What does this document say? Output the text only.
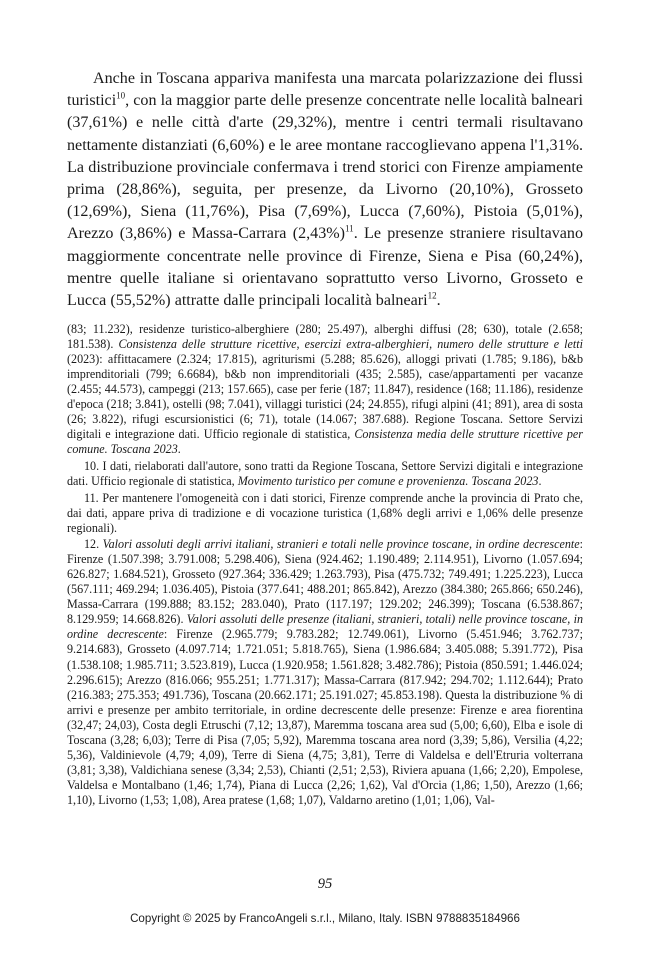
Anche in Toscana appariva manifesta una marcata polarizzazione dei flussi turistici$^{10}$, con la maggior parte delle presenze concentrate nelle località balneari (37,61%) e nelle città d'arte (29,32%), mentre i centri termali risultavano nettamente distanziati (6,60%) e le aree montane raccoglievano appena l'1,31%. La distribuzione provinciale confermava i trend storici con Firenze ampiamente prima (28,86%), seguita, per presenze, da Livorno (20,10%), Grosseto (12,69%), Siena (11,76%), Pisa (7,69%), Lucca (7,60%), Pistoia (5,01%), Arezzo (3,86%) e Massa-Carrara $(2,43\%)^{11}$. Le presenze straniere risultavano maggiormente concentrate nelle province di Firenze, Siena e Pisa (60,24%), mentre quelle italiane si orientavano soprattutto verso Livorno, Grosseto e Lucca (55,52%) attratte dalle principali località balneari$^{12}$.

(83; 11.232), residenze turistico-alberghiere (280; 25.497), alberghi diffusi (28; 630), totale (2.658; 181.538). Consistenza delle strutture ricettive, esercizi extra-alberghieri, numero delle strutture e letti (2023): affittacamere (2.324; 17.815), agriturismi (5.288; 85.626), alloggi privati (1.785; 9.186), b&b imprenditoriali (799; 6.6684), b&b non imprenditoriali (435; 2.585), case/appartamenti per vacanze (2.455; 44.573), campeggi (213; 157.665), case per ferie (187; 11.847), residence (168; 11.186), residenze d'epoca (218; 3.841), ostelli (98; 7.041), villaggi turistici (24; 24.855), rifugi alpini (41; 891), area di sosta (26; 3.822), rifugi escursionistici (6; 71), totale (14.067; 387.688). Regione Toscana. Settore Servizi digitali e integrazione dati. Ufficio regionale di statistica, Consistenza media delle strutture ricettive per comune. Toscana 2023.

10. I dati, rielaborati dall'autore, sono tratti da Regione Toscana, Settore Servizi digitali e integrazione dati. Ufficio regionale di statistica, Movimento turistico per comune e provenienza. Toscana 2023.

11. Per mantenere l'omogeneità con i dati storici, Firenze comprende anche la provincia di Prato che, dai dati, appare priva di tradizione e di vocazione turistica (1,68% degli arrivi e 1,06% delle presenze regionali).

12. Valori assoluti degli arrivi italiani, stranieri e totali nelle province toscane, in ordine decrescente: Firenze (1.507.398; 3.791.008; 5.298.406), Siena (924.462; 1.190.489; 2.114.951), Livorno (1.057.694; 626.827; 1.684.521), Grosseto (927.364; 336.429; 1.263.793), Pisa (475.732; 749.491; 1.225.223), Lucca (567.111; 469.294; 1.036.405), Pistoia (377.641; 488.201; 865.842), Arezzo (384.380; 265.866; 650.246), Massa-Carrara (199.888; 83.152; 283.040), Prato (117.197; 129.202; 246.399); Toscana (6.538.867; 8.129.959; 14.668.826). Valori assoluti delle presenze (italiani, stranieri, totali) nelle province toscane, in ordine decrescente: Firenze (2.965.779; 9.783.282; 12.749.061), Livorno (5.451.946; 3.762.737; 9.214.683), Grosseto (4.097.714; 1.721.051; 5.818.765), Siena (1.986.684; 3.405.088; 5.391.772), Pisa (1.538.108; 1.985.711; 3.523.819), Lucca (1.920.958; 1.561.828; 3.482.786); Pistoia (850.591; 1.446.024; 2.296.615); Arezzo (816.066; 955.251; 1.771.317); Massa-Carrara (817.942; 294.702; 1.112.644); Prato (216.383; 275.353; 491.736), Toscana (20.662.171; 25.191.027; 45.853.198). Questa la distribuzione % di arrivi e presenze per ambito territoriale, in ordine decrescente delle presenze: Firenze e area fiorentina (32,47; 24,03), Costa degli Etruschi (7,12; 13,87), Maremma toscana area sud (5,00; 6,60), Elba e isole di Toscana (3,28; 6,03); Terre di Pisa (7,05; 5,92), Maremma toscana area nord (3,39; 5,86), Versilia (4,22; 5,36), Valdinievole (4,79; 4,09), Terre di Siena (4,75; 3,81), Terre di Valdelsa e dell'Etruria volterrana (3,81; 3,38), Valdichiana senese (3,34; 2,53), Chianti (2,51; 2,53), Riviera apuana (1,66; 2,20), Empolese, Valdelsa e Montalbano (1,46; 1,74), Piana di Lucca (2,26; 1,62), Val d'Orcia (1,86; 1,50), Arezzo (1,66; 1,10), Livorno (1,53; 1,08), Area pratese (1,68; 1,07), Valdarno aretino (1,01; 1,06), Val-

95
Copyright © 2025 by FrancoAngeli s.r.l., Milano, Italy. ISBN 9788835184966
